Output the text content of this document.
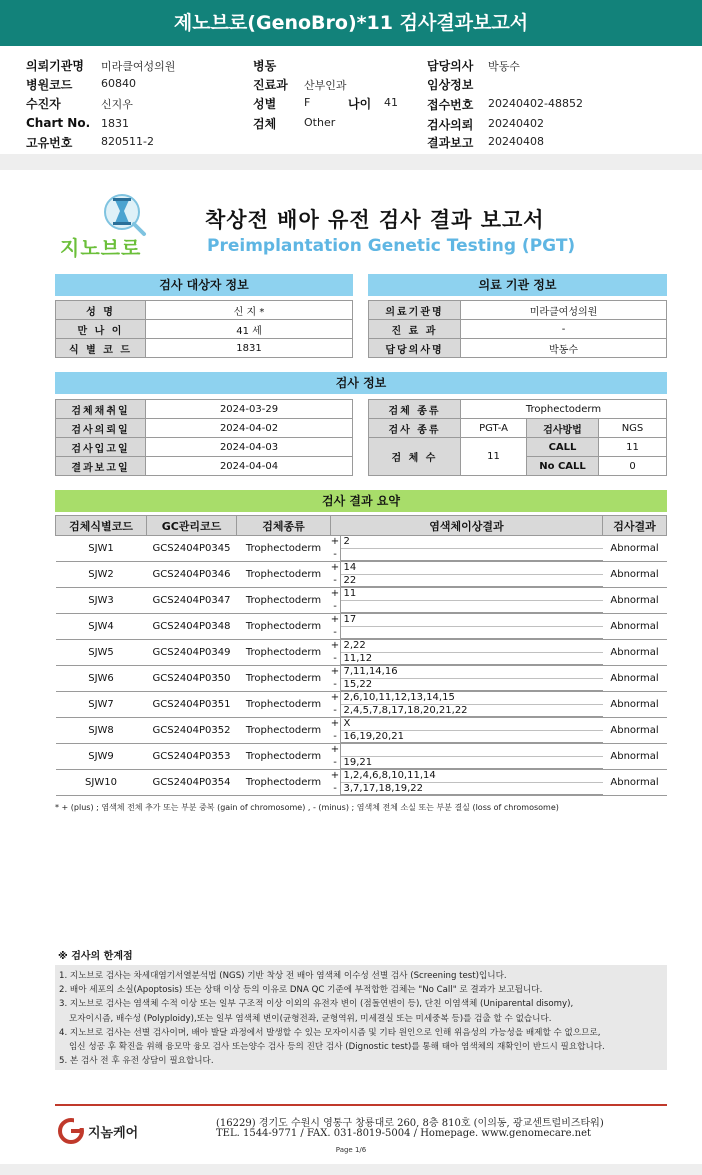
제노브로(GenoBro)*11 검사결과보고서
의뢰기관명 미라클여성의원
병원코드	60840
수진자	신지우
Chart No. 1831
고유번호	820511-2
병동
진료과 산부인과
성별	F	나이 41
검체	Other
담당의사 박동수
임상정보
접수번호 20240402-48852
검사의뢰 20240402
결과보고 20240408
지노브로
착상전 배아 유전 검사 결과 보고서
Preimplantation Genetic Testing (PGT)
검사 대상자 정보
성 명	신 지 *
만 나 이	41 세
식 별 코 드	1831
의료 기관 정보
의료기관명	미라클여성의원
진 료 과	-
담당의사명	박동수
검사 정보
검체채취일	2024-03-29
검사의뢰일	2024-04-02
검사입고일	2024-04-03
결과보고일	2024-04-04
검체 종류	Trophectoderm		
검사 종류	PGT-A	검사방법	NGS
검 체 수	11	CALL	11
		No CALL	0
검사 결과 요약
검체식별코드	GC관리코드	검체종류	염색체이상결과	검사결과
SJW1	GCS2404P0345	Trophectoderm	+ 2
-	Abnormal
SJW2	GCS2404P0346	Trophectoderm	+ 14
- 22	Abnormal
SJW3	GCS2404P0347	Trophectoderm	+ 11
-	Abnormal
SJW4	GCS2404P0348	Trophectoderm	+ 17
-	Abnormal
SJW5	GCS2404P0349	Trophectoderm	+ 2,22
- 11,12	Abnormal
SJW6	GCS2404P0350	Trophectoderm	+ 7,11,14,16
- 15,22	Abnormal
SJW7	GCS2404P0351	Trophectoderm	+ 2,6,10,11,12,13,14,15
- 2,4,5,7,8,17,18,20,21,22	Abnormal
SJW8	GCS2404P0352	Trophectoderm	+ X
- 16,19,20,21	Abnormal
SJW9	GCS2404P0353	Trophectoderm	+
- 19,21	Abnormal
SJW10	GCS2404P0354	Trophectoderm	+ 1,2,4,6,8,10,11,14
- 3,7,17,18,19,22	Abnormal
* + (plus) ; 염색체 전체 추가 또는 부분 중복 (gain of chromosome) , - (minus) ; 염색체 전체 소실 또는 부분 결실 (loss of chromosome)
※ 검사의 한계점

1. 지노브로 검사는 차세대염기서열분석법 (NGS) 기반 착상 전 배아 염색체 이수성 선별 검사 (Screening test)입니다.

2. 배아 세포의 소실(Apoptosis) 또는 상태 이상 등의 이유로 DNA QC 기준에 부적합한 검체는 "No Call" 로 결과가 보고됩니다.

3. 지노브로 검사는 염색체 수적 이상 또는 일부 구조적 이상 이외의 유전자 변이 (점돌연변이 등), 단친 이염색체 (Uniparental disomy),

모자이시즘, 배수성 (Polyploidy),또는 일부 염색체 변이(균형전좌, 균형역위, 미세결실 또는 미세중복 등)를 검출 할 수 없습니다.

4. 지노브로 검사는 선별 검사이며, 배아 발달 과정에서 발생할 수 있는 모자이시즘 및 기타 원인으로 인해 위음성의 가능성을 배제할 수 없으므로,

임신 성공 후 확진을 위해 융모막 융모 검사 또는양수 검사 등의 진단 검사 (Dignostic test)를 통해 태아 염색체의 재확인이 반드시 필요합니다.

5. 본 검사 전 후 유전 상담이 필요합니다.

지놈케어
(16229) 경기도 수원시 영통구 창룡대로 260, 8층 810호 (이의동, 광교센트럴비즈타워)
TEL. 1544-9771 / FAX. 031-8019-5004 / Homepage. www.genomecare.net
Page 1/6
